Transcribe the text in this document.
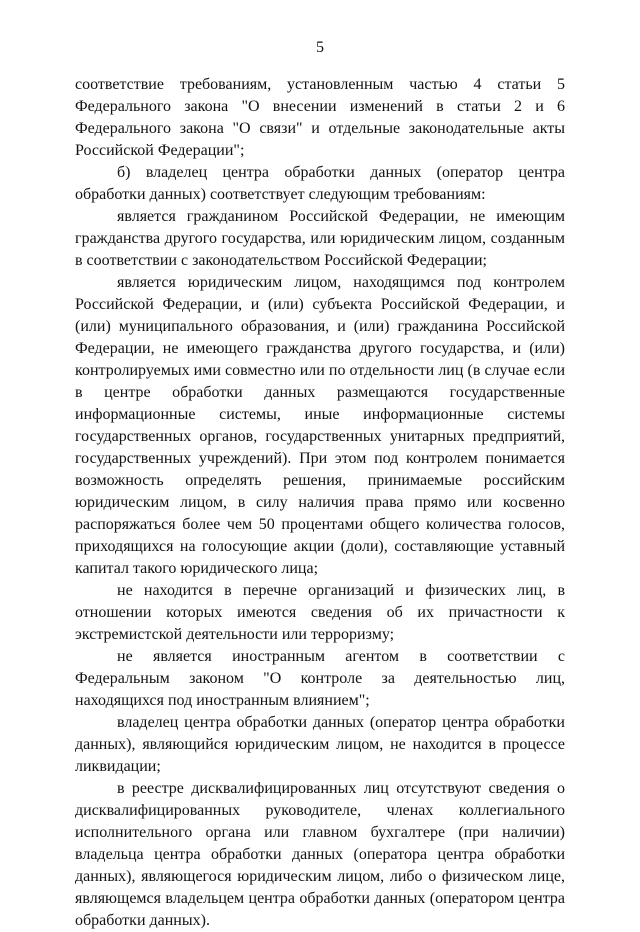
5

соответствие требованиям, установленным частью 4 статьи 5 Федерального закона "О внесении изменений в статьи 2 и 6 Федерального закона "О связи" и отдельные законодательные акты Российской Федерации";

б) владелец центра обработки данных (оператор центра обработки данных) соответствует следующим требованиям:

является гражданином Российской Федерации, не имеющим гражданства другого государства, или юридическим лицом, созданным в соответствии с законодательством Российской Федерации;

является юридическим лицом, находящимся под контролем Российской Федерации, и (или) субъекта Российской Федерации, и (или) муниципального образования, и (или) гражданина Российской Федерации, не имеющего гражданства другого государства, и (или) контролируемых ими совместно или по отдельности лиц (в случае если в центре обработки данных размещаются государственные информационные системы, иные информационные системы государственных органов, государственных унитарных предприятий, государственных учреждений). При этом под контролем понимается возможность определять решения, принимаемые российским юридическим лицом, в силу наличия права прямо или косвенно распоряжаться более чем 50 процентами общего количества голосов, приходящихся на голосующие акции (доли), составляющие уставный капитал такого юридического лица;

не находится в перечне организаций и физических лиц, в отношении которых имеются сведения об их причастности к экстремистской деятельности или терроризму;

не является иностранным агентом в соответствии с Федеральным законом "О контроле за деятельностью лиц, находящихся под иностранным влиянием";

владелец центра обработки данных (оператор центра обработки данных), являющийся юридическим лицом, не находится в процессе ликвидации;

в реестре дисквалифицированных лиц отсутствуют сведения о дисквалифицированных руководителе, членах коллегиального исполнительного органа или главном бухгалтере (при наличии) владельца центра обработки данных (оператора центра обработки данных), являющегося юридическим лицом, либо о физическом лице, являющемся владельцем центра обработки данных (оператором центра обработки данных).
